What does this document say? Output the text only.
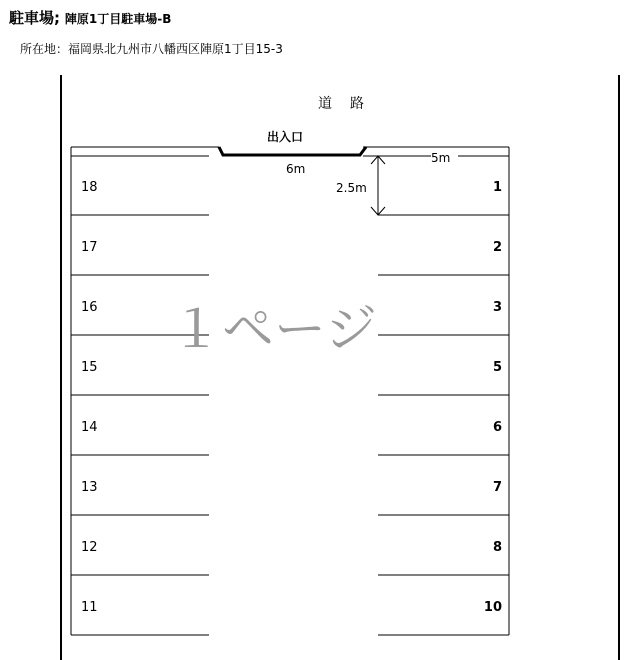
駐車場; 陣原1丁目駐車場-B
所在地：福岡県北九州市八幡西区陣原1丁目15-3
18
17
16
15
14
13
12
11
1
2
3
5
6
7
8
10
6m
5m
2.5m
道路
出入口
１ページ
